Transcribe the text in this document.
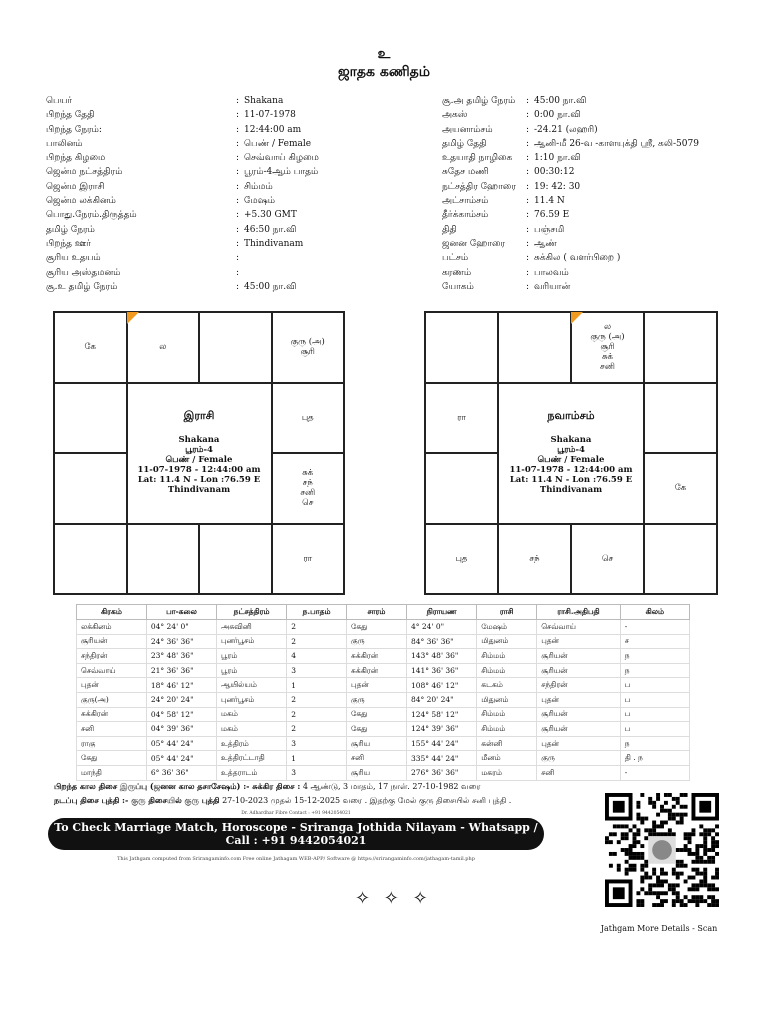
உ
ஜாதக கணிதம்
பெயர்	: Shakana
பிறந்த தேதி	: 11-07-1978
பிறந்த நேரம்:	: 12:44:00 am
பாலினம்	: பெண் / Female
பிறந்த கிழமை	: செவ்வாய் கிழமை
ஜென்ம நட்சத்திரம்	: பூரம்-4ஆம் பாதம்
ஜென்ம இராசி	: சிம்மம்
ஜென்ம லக்கினம்	: மேஷம்
பொது.நேரம்.திருத்தம்	: +5.30 GMT
தமிழ் நேரம்	: 46:50 நா.வி
பிறந்த ஊர்	: Thindivanam
சூரிய உதயம்	:
சூரிய அஸ்தமனம்	:
சூ.உ தமிழ் நேரம்	: 45:00 நா.வி
சூ.அ தமிழ் நேரம்	: 45:00 நா.வி
அகஸ்	: 0:00 நா.வி
அயனாம்சம்	: -24.21 (லஹரி)
தமிழ் தேதி	: ஆனி-மீ 26-வ -காளயுக்தி ஸ்ரீ, கலி-5079
உதயாதி நாழிகை	: 1:10 நா.வி
சுதேச மணி	: 00:30:12
நட்சத்திர ஹோரை	: 19: 42: 30
அட்சாம்சம்	: 11.4 N
தீர்க்காம்சம்	: 76.59 E
திதி	: பஞ்சமி
ஜனன ஹோரை	: ஆண்
பட்சம்	: சுக்கில ( வளர்பிறை )
கரணம்	: பாலவம்
யோகம்	: வரியான்
கே	ல	குரு (அ)
சூரி
புத
சுக்
சந்
சனி
செ
ரா
இராசி
Shakana
பூரம்-4
பெண் / Female
11-07-1978 - 12:44:00 am
Lat: 11.4 N - Lon :76.59 E
Thindivanam
ல
குரு (அ)
சூரி
சுக்
சனி
ரா
கே
புத	சந்	செ
நவாம்சம்
Shakana
பூரம்-4
பெண் / Female
11-07-1978 - 12:44:00 am
Lat: 11.4 N - Lon :76.59 E
Thindivanam
கிரகம்	பா-கலை	நட்சத்திரம்	ந.பாதம்	சாரம்	நிராயண	ராசி	ராசி.அதிபதி	கிலம்
லக்கினம்	04° 24' 0"	அசுவினி	2	கேது	4° 24' 0"	மேஷம்	செவ்வாய்	-
சூரியன்	24° 36' 36"	புனர்பூசம்	2	குரு	84° 36' 36"	மிதுனம்	புதன்	ச
சந்திரன்	23° 48' 36"	பூரம்	4	சுக்கிரன்	143° 48' 36"	சிம்மம்	சூரியன்	ந
செவ்வாய்	21° 36' 36"	பூரம்	3	சுக்கிரன்	141° 36' 36"	சிம்மம்	சூரியன்	ந
புதன்	18° 46' 12"	ஆயில்யம்	1	புதன்	108° 46' 12"	கடகம்	சந்திரன்	ப
குரு(அ)	24° 20' 24"	புனர்பூசம்	2	குரு	84° 20' 24"	மிதுனம்	புதன்	ப
சுக்கிரன்	04° 58' 12"	மகம்	2	கேது	124° 58' 12"	சிம்மம்	சூரியன்	ப
சனி	04° 39' 36"	மகம்	2	கேது	124° 39' 36"	சிம்மம்	சூரியன்	ப
ராகு	05° 44' 24"	உத்திரம்	3	சூரிய	155° 44' 24"	கன்னி	புதன்	ந
கேது	05° 44' 24"	உத்திரட்டாதி	1	சனி	335° 44' 24"	மீனம்	குரு	தி . ந
மாந்தி	6° 36' 36"	உத்தராடம்	3	சூரிய	276° 36' 36"	மகரம்	சனி	-
பிறந்த கால திசை இருப்பு (ஜனன கால தசாசேஷம்) :- சுக்கிர திசை : 4 ஆண்டு, 3 மாதம், 17 நாள். 27-10-1982 வரை
நடப்பு திசை புத்தி :- குரு திசையில் குரு புத்தி 27-10-2023 முதல் 15-12-2025 வரை . இதற்கு மேல் குரு திசையில் சனி புத்தி .
Dr. Adhardhar Fibre Contact : +91 9442054021
To Check Marriage Match, Horoscope - Sriranga Jothida Nilayam - Whatsapp / Call : +91 9442054021
This Jathgam computed from Srirangaminfo.com Free online Jathagam WEB-APP/ Software @ https://srirangaminfo.com/jathagam-tamil.php
✧ ✧ ✧
Jathgam More Details - Scan
